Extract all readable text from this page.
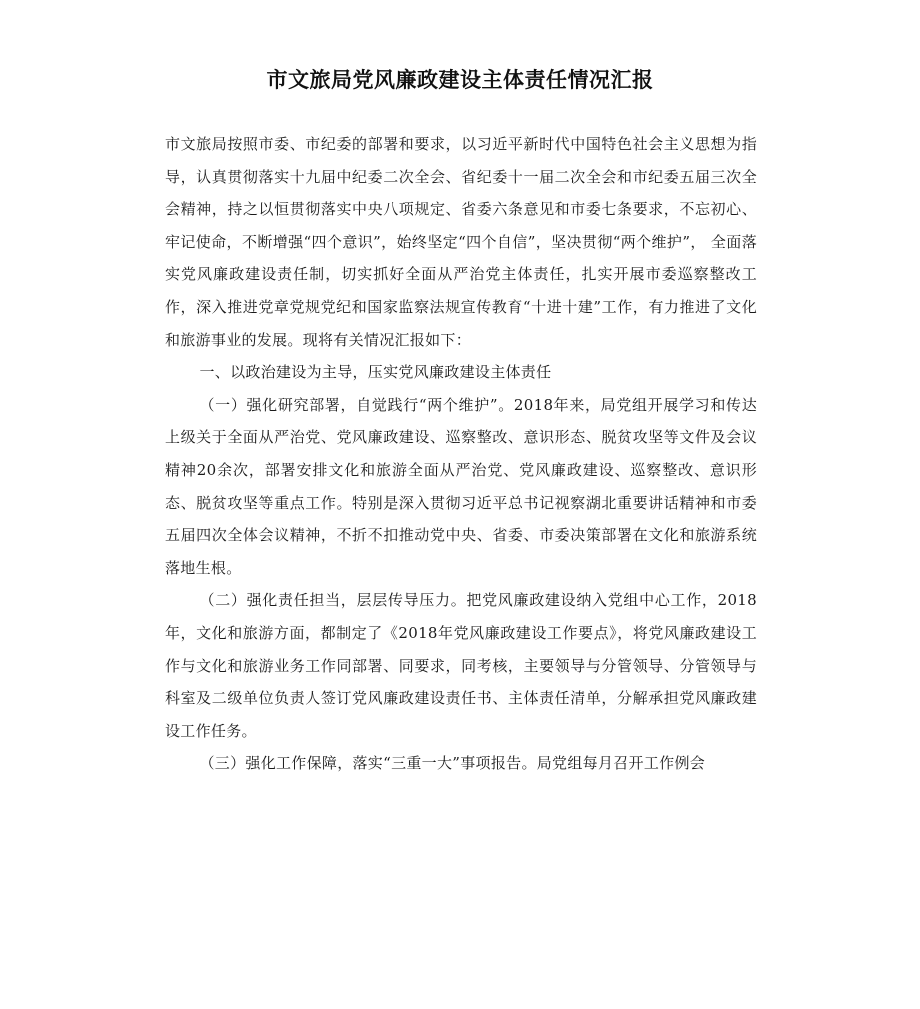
市文旅局党风廉政建设主体责任情况汇报

市文旅局按照市委、市纪委的部署和要求，以习近平新时代中国特色社会主义思想为指导，认真贯彻落实十九届中纪委二次全会、省纪委十一届二次全会和市纪委五届三次全会精神，持之以恒贯彻落实中央八项规定、省委六条意见和市委七条要求，不忘初心、牢记使命，不断增强“四个意识”，始终坚定“四个自信”，坚决贯彻“两个维护”， 全面落实党风廉政建设责任制，切实抓好全面从严治党主体责任，扎实开展市委巡察整改工作，深入推进党章党规党纪和国家监察法规宣传教育“十进十建”工作，有力推进了文化和旅游事业的发展。现将有关情况汇报如下：

一、以政治建设为主导，压实党风廉政建设主体责任

（一）强化研究部署，自觉践行“两个维护”。2018年来，局党组开展学习和传达上级关于全面从严治党、党风廉政建设、巡察整改、意识形态、脱贫攻坚等文件及会议精神20余次，部署安排文化和旅游全面从严治党、党风廉政建设、巡察整改、意识形态、脱贫攻坚等重点工作。特别是深入贯彻习近平总书记视察湖北重要讲话精神和市委五届四次全体会议精神，不折不扣推动党中央、省委、市委决策部署在文化和旅游系统落地生根。

（二）强化责任担当，层层传导压力。把党风廉政建设纳入党组中心工作，2018年，文化和旅游方面，都制定了《2018年党风廉政建设工作要点》，将党风廉政建设工作与文化和旅游业务工作同部署、同要求，同考核，主要领导与分管领导、分管领导与科室及二级单位负责人签订党风廉政建设责任书、主体责任清单，分解承担党风廉政建设工作任务。

（三）强化工作保障，落实“三重一大”事项报告。局党组每月召开工作例会
